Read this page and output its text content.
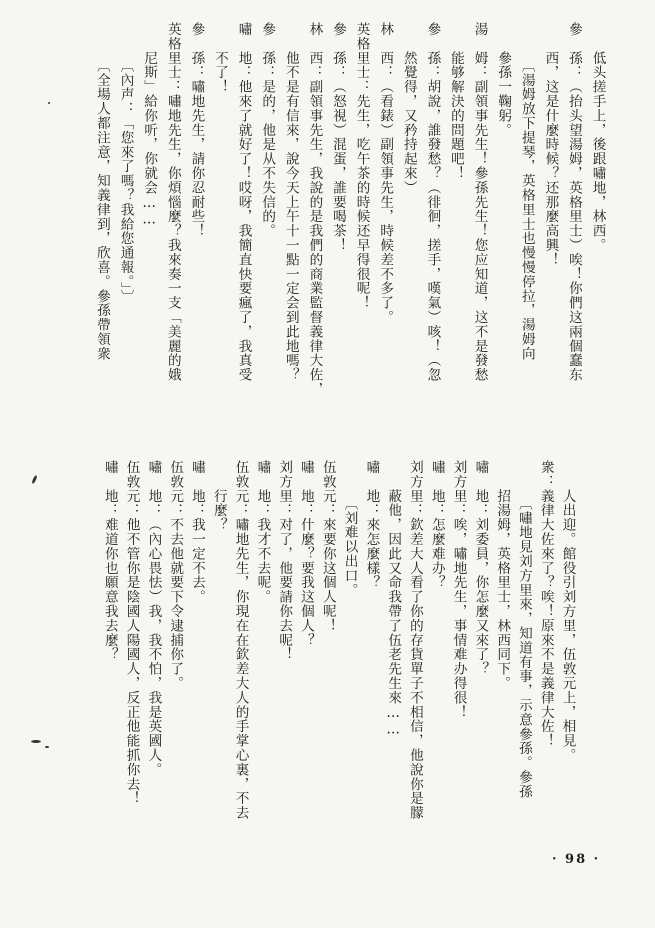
　　低头搓手上，後跟嘯地，林西。
參　孫：（抬头望湯姆，英格里士）唉！你們这兩個蠢东
　　西，这是什麼時候？还那麼高興！
　　　〔湯姆放下提琴，英格里士也慢慢停拉，湯姆向
　　參孫一鞠躬。
湯　姆：副領事先生！參孫先生！您应知道，这不是發愁
　　能够解決的問題吧！
參　孫：胡說，誰發愁？（徘徊，搓手，嘆氣）咳！（忽
　　然覺得，又矜持起來）
林　西：（看錶）副領事先生，時候差不多了。
英格里士：先生，吃午茶的時候还早得很呢！
參　孫：（怒視）混蛋，誰要喝茶！
林　西：副領事先生，我說的是我們的商業監督義律大佐，
　　他不是有信來，說今天上午十一點一定会到此地嗎？
參　孫：是的，他是从不失信的。
嘯　地：他來了就好了！哎呀，我簡直快要瘋了，我真受
　　不了！
參　孫：嘯地先生，請你忍耐些！
英格里士：嘯地先生，你煩惱麼？我來奏一支「美麗的娥
　　尼斯」給你听，你就会……
　　　〔內声：「您來了嗎？我給您通報。」〕
　　　〔全場人都注意，知義律到，欣喜。參孫帶領衆
　　人出迎。館役引刘方里，伍敦元上，相見。
衆：義律大佐來了？唉！原來不是義律大佐！
　　　〔嘯地見刘方里來，知道有事，示意參孫。參孫
　　招湯姆，英格里士，林西同下。
嘯　地：刘委員，你怎麼又來了？
刘方里：唉，嘯地先生，事情难办得很！
嘯　地：怎麼难办？
刘方里：欽差大人看了你的存貨單子不相信，他說你是朦
　　蔽他，因此又命我帶了伍老先生來……
嘯　地：來怎麼樣？
　　　〔刘难以出口。
伍敦元：來要你这個人呢！
嘯　地：什麼？要我这個人？
刘方里：对了，他要請你去呢！
嘯　地：我才不去呢。
伍敦元：嘯地先生，你現在在欽差大人的手掌心裏，不去
　　行麼？
嘯　地：我一定不去。
伍敦元：不去他就要下令逮捕你了。
嘯　地：（內心畏怯）我，我不怕，我是英國人。
伍敦元：他不管你是陰國人陽國人，反正他能抓你去！
嘯　地：难道你也願意我去麼？
· 98 ·
